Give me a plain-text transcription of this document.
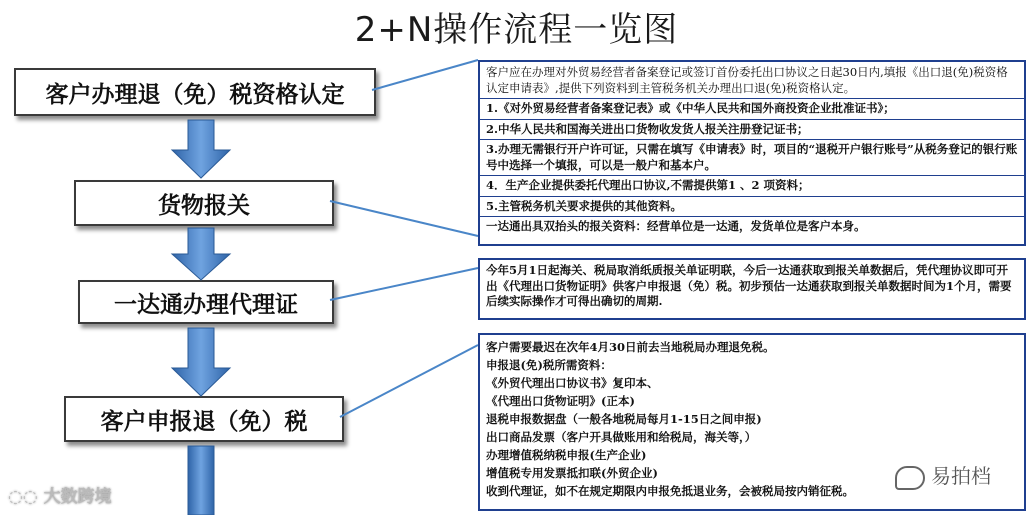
2+N操作流程一览图
客户办理退（免）税资格认定
货物报关
一达通办理代理证
客户申报退（免）税
客户应在办理对外贸易经营者备案登记或签订首份委托出口协议之日起30日内,填报《出口退(免)税资格认定申请表》,提供下列资料到主管税务机关办理出口退(免)税资格认定。
1.《对外贸易经营者备案登记表》或《中华人民共和国外商投资企业批准证书》；
2.中华人民共和国海关进出口货物收发货人报关注册登记证书；
3.办理无需银行开户许可证，只需在填写《申请表》时，项目的“退税开户银行账号”从税务登记的银行账号中选择一个填报，可以是一般户和基本户。
4．生产企业提供委托代理出口协议,不需提供第1 、2 项资料；
5.主管税务机关要求提供的其他资料。
一达通出具双抬头的报关资料：经营单位是一达通，发货单位是客户本身。
今年5月1日起海关、税局取消纸质报关单证明联，今后一达通获取到报关单数据后，凭代理协议即可开出《代理出口货物证明》供客户申报退（免）税。初步预估一达通获取到报关单数据时间为1个月，需要后续实际操作才可得出确切的周期.
客户需要最迟在次年4月30日前去当地税局办理退免税。
申报退(免)税所需资料：
《外贸代理出口协议书》复印本、
《代理出口货物证明》(正本)
退税申报数据盘（一般各地税局每月1-15日之间申报)
出口商品发票（客户开具做账用和给税局，海关等，）
办理增值税纳税申报(生产企业)
增值税专用发票抵扣联(外贸企业)
收到代理证，如不在规定期限内申报免抵退业务，会被税局按内销征税。
◌◌ 大数跨境
易拍档
